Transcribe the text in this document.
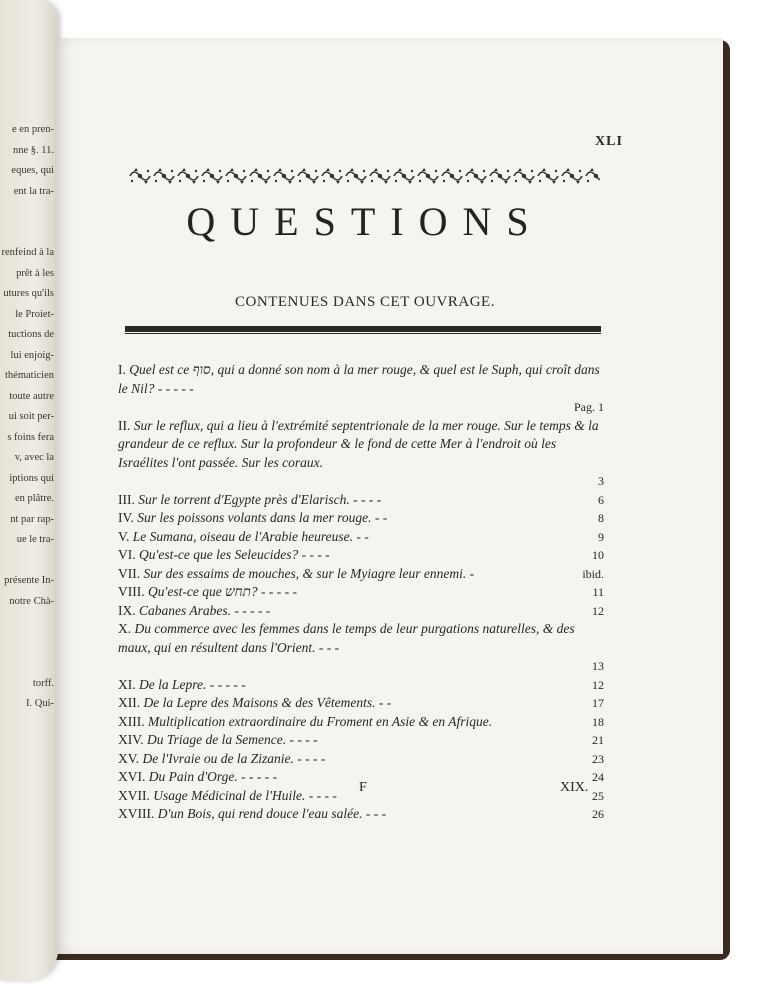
e en pren-
nne §. 11.
eques, qui
ent la tra-
renfeind à la
prêt à les
utures qu'ils
le Proiet-
tuctions de
lui enjoig-
thématicien
toute autre
ui soit per-
s foins fera
v, avec la
iptions qui
en plâtre.
nt par rap-
ue le tra-
présente In-
notre Chà-
torff.
I. Qui-
XLI
QUESTIONS
CONTENUES DANS CET OUVRAGE.
I. Quel est ce סוף, qui a donné son nom à la mer rouge, & quel est le Suph, qui croît dans le Nil? - - - - -
Pag. 1
II. Sur le reflux, qui a lieu à l'extrémité septentrionale de la mer rouge. Sur le temps & la grandeur de ce reflux. Sur la profondeur & le fond de cette Mer à l'endroit où les Israélites l'ont passée. Sur les coraux.
3
III. Sur le torrent d'Egypte près d'Elarisch. - - - -	6
IV. Sur les poissons volants dans la mer rouge. - -	8
V. Le Sumana, oiseau de l'Arabie heureuse. - -	9
VI. Qu'est-ce que les Seleucides? - - - -	10
VII. Sur des essaims de mouches, & sur le Myiagre leur ennemi. -	ibid.
VIII. Qu'est-ce que תחש? - - - - -	11
IX. Cabanes Arabes. - - - - -	12
X. Du commerce avec les femmes dans le temps de leur purgations naturelles, & des maux, qui en résultent dans l'Orient. - - -
13
XI. De la Lepre. - - - - -	12
XII. De la Lepre des Maisons & des Vêtements. - -	17
XIII. Multiplication extraordinaire du Froment en Asie & en Afrique.	18
XIV. Du Triage de la Semence. - - - -	21
XV. De l'Ivraie ou de la Zizanie. - - - -	23
XVI. Du Pain d'Orge. - - - - -	24
XVII. Usage Médicinal de l'Huile. - - - -	25
XVIII. D'un Bois, qui rend douce l'eau salée. - - -	26
F	XIX.
